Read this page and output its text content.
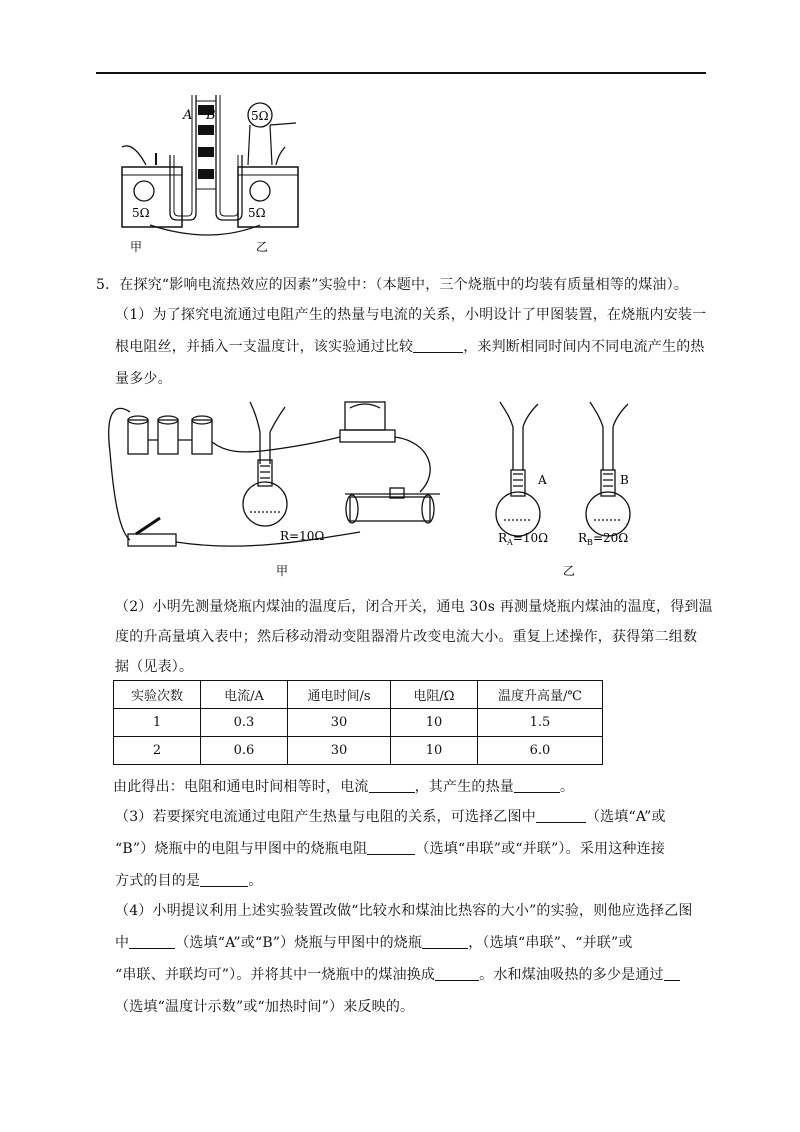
A B	5Ω
5Ω	5Ω
甲	乙
5．在探究“影响电流热效应的因素”实验中：（本题中，三个烧瓶中的均装有质量相等的煤油）。
（1）为了探究电流通过电阻产生的热量与电流的关系，小明设计了甲图装置，在烧瓶内安装一
根电阻丝，并插入一支温度计，该实验通过比较	，来判断相同时间内不同电流产生的热
量多少。
R=10Ω
A	B
$R_A=10\Omega$ $R_B=20\Omega$
甲	乙
（2）小明先测量烧瓶内煤油的温度后，闭合开关，通电 30s 再测量烧瓶内煤油的温度，得到温
度的升高量填入表中；然后移动滑动变阻器滑片改变电流大小。重复上述操作，获得第二组数
据（见表）。
实验次数	电流/A	通电时间/s	电阻/Ω	温度升高量/℃
1	0.3	30	10	1.5
2	0.6	30	10	6.0
由此得出：电阻和通电时间相等时，电流	，其产生的热量	。
（3）若要探究电流通过电阻产生热量与电阻的关系，可选择乙图中	（选填“A”或
“B”）烧瓶中的电阻与甲图中的烧瓶电阻	（选填“串联”或“并联”）。采用这种连接
方式的目的是	。
（4）小明提议利用上述实验装置改做“比较水和煤油比热容的大小”的实验，则他应选择乙图
中	（选填“A”或“B”）烧瓶与甲图中的烧瓶	，（选填“串联”、“并联”或
“串联、并联均可”）。并将其中一烧瓶中的煤油换成	。水和煤油吸热的多少是通过
（选填“温度计示数”或“加热时间”）来反映的。
